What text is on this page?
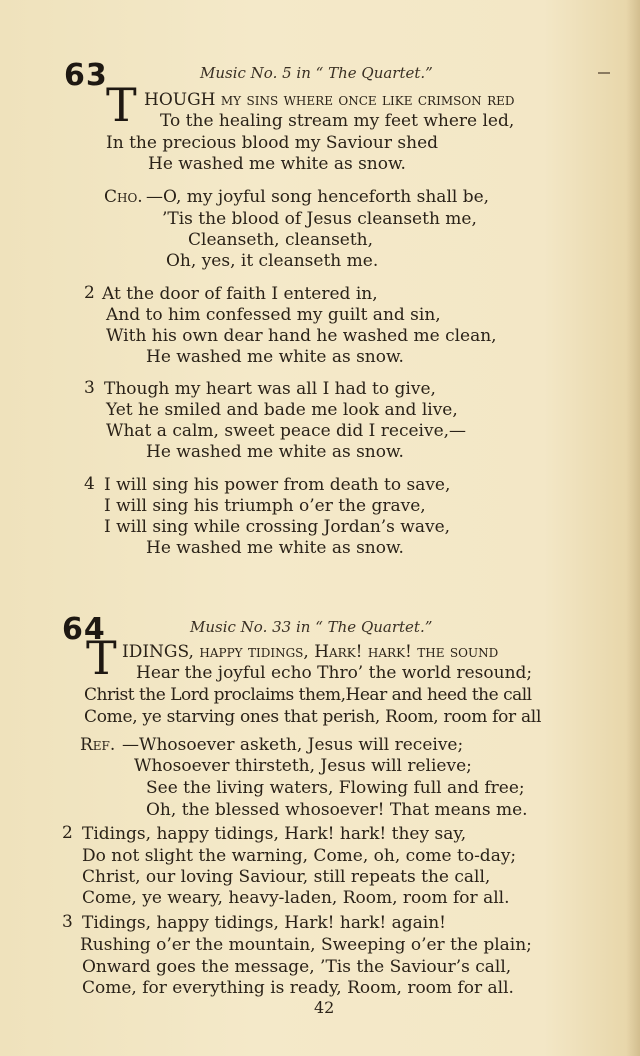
63	Music No. 5 in “ The Quartet.”
T HOUGH my sins where once like crimson red
To the healing stream my feet where led,
In the precious blood my Saviour shed
He washed me white as snow.
Cho. —O, my joyful song henceforth shall be,
’Tis the blood of Jesus cleanseth me,
Cleanseth, cleanseth,
Oh, yes, it cleanseth me.
2 At the door of faith I entered in,
And to him confessed my guilt and sin,
With his own dear hand he washed me clean,
He washed me white as snow.
3 Though my heart was all I had to give,
Yet he smiled and bade me look and live,
What a calm, sweet peace did I receive,—
He washed me white as snow.
4 I will sing his power from death to save,
I will sing his triumph o’er the grave,
I will sing while crossing Jordan’s wave,
He washed me white as snow.
64	Music No. 33 in “ The Quartet.”
T IDINGS, happy tidings, Hark! hark! the sound
Hear the joyful echo Thro’ the world resound;
Christ the Lord proclaims them,Hear and heed the call
Come, ye starving ones that perish, Room, room for all
Ref. —Whosoever asketh, Jesus will receive;
Whosoever thirsteth, Jesus will relieve;
See the living waters, Flowing full and free;
Oh, the blessed whosoever! That means me.
2 Tidings, happy tidings, Hark! hark! they say,
Do not slight the warning, Come, oh, come to-day;
Christ, our loving Saviour, still repeats the call,
Come, ye weary, heavy-laden, Room, room for all.
3 Tidings, happy tidings, Hark! hark! again!
Rushing o’er the mountain, Sweeping o’er the plain;
Onward goes the message, ’Tis the Saviour’s call,
Come, for everything is ready, Room, room for all.
42
